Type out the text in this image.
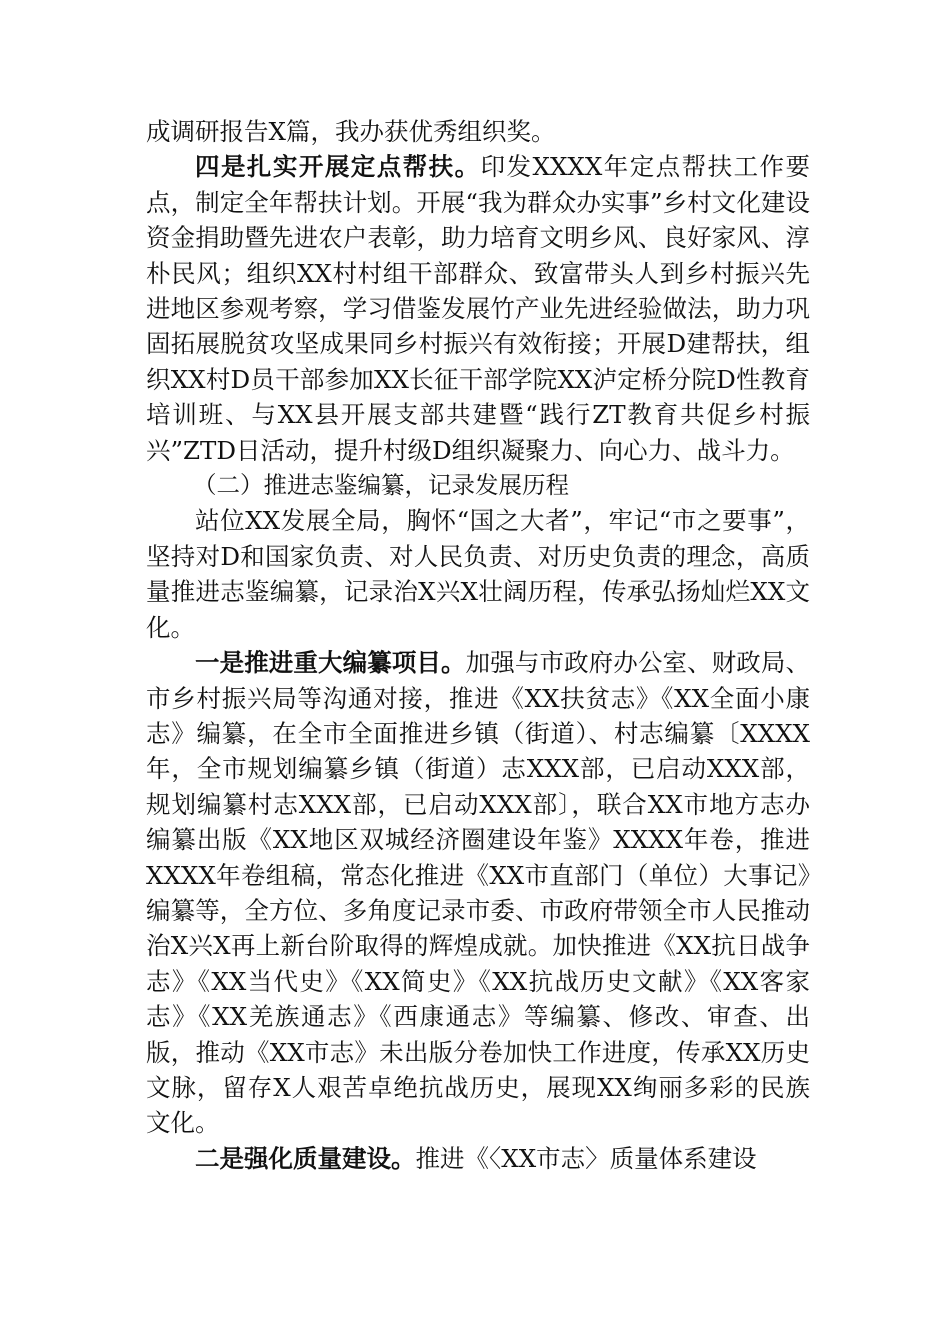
成调研报告X篇，我办获优秀组织奖。

四是扎实开展定点帮扶。印发XXXX年定点帮扶工作要点，制定全年帮扶计划。开展“我为群众办实事”乡村文化建设资金捐助暨先进农户表彰，助力培育文明乡风、良好家风、淳朴民风；组织XX村村组干部群众、致富带头人到乡村振兴先进地区参观考察，学习借鉴发展竹产业先进经验做法，助力巩固拓展脱贫攻坚成果同乡村振兴有效衔接；开展D建帮扶，组织XX村D员干部参加XX长征干部学院XX泸定桥分院D性教育培训班、与XX县开展支部共建暨“践行ZT教育共促乡村振兴”ZTD日活动，提升村级D组织凝聚力、向心力、战斗力。

（二）推进志鉴编纂，记录发展历程

站位XX发展全局，胸怀“国之大者”，牢记“市之要事”，坚持对D和国家负责、对人民负责、对历史负责的理念，高质量推进志鉴编纂，记录治X兴X壮阔历程，传承弘扬灿烂XX文化。

一是推进重大编纂项目。加强与市政府办公室、财政局、市乡村振兴局等沟通对接，推进《XX扶贫志》《XX全面小康志》编纂，在全市全面推进乡镇（街道）、村志编纂〔XXXX年，全市规划编纂乡镇（街道）志XXX部，已启动XXX部，规划编纂村志XXX部，已启动XXX部〕，联合XX市地方志办编纂出版《XX地区双城经济圈建设年鉴》XXXX年卷，推进XXXX年卷组稿，常态化推进《XX市直部门（单位）大事记》编纂等，全方位、多角度记录市委、市政府带领全市人民推动治X兴X再上新台阶取得的辉煌成就。加快推进《XX抗日战争志》《XX当代史》《XX简史》《XX抗战历史文献》《XX客家志》《XX羌族通志》《西康通志》等编纂、修改、审查、出版，推动《XX市志》未出版分卷加快工作进度，传承XX历史文脉，留存X人艰苦卓绝抗战历史，展现XX绚丽多彩的民族文化。

二是强化质量建设。推进《〈XX市志〉质量体系建设
